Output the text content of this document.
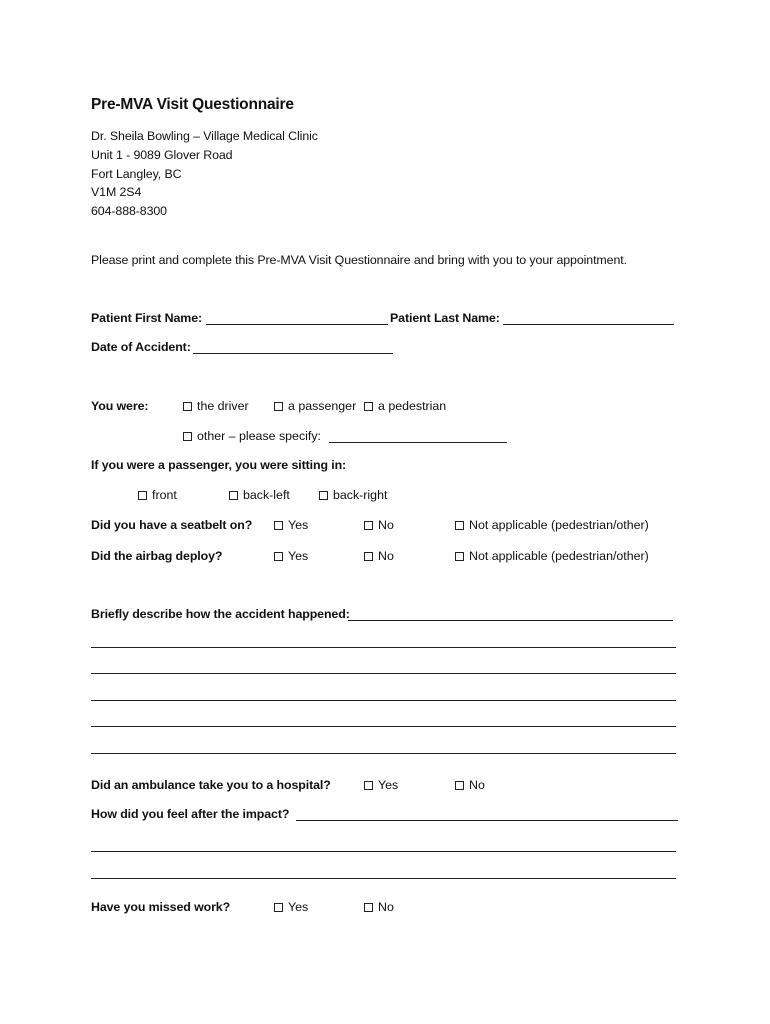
Pre-MVA Visit Questionnaire
Dr. Sheila Bowling – Village Medical Clinic
Unit 1 - 9089 Glover Road
Fort Langley, BC
V1M 2S4
604-888-8300
Please print and complete this Pre-MVA Visit Questionnaire and bring with you to your appointment.
Patient First Name:	Patient Last Name:
Date of Accident:
You were:	the driver	a passenger a pedestrian
other – please specify:
If you were a passenger, you were sitting in:
front	back-left	back-right
Did you have a seatbelt on?	Yes	No	Not applicable (pedestrian/other)
Did the airbag deploy?	Yes	No	Not applicable (pedestrian/other)
Briefly describe how the accident happened:
Did an ambulance take you to a hospital?	Yes	No
How did you feel after the impact?
Have you missed work?	Yes	No
